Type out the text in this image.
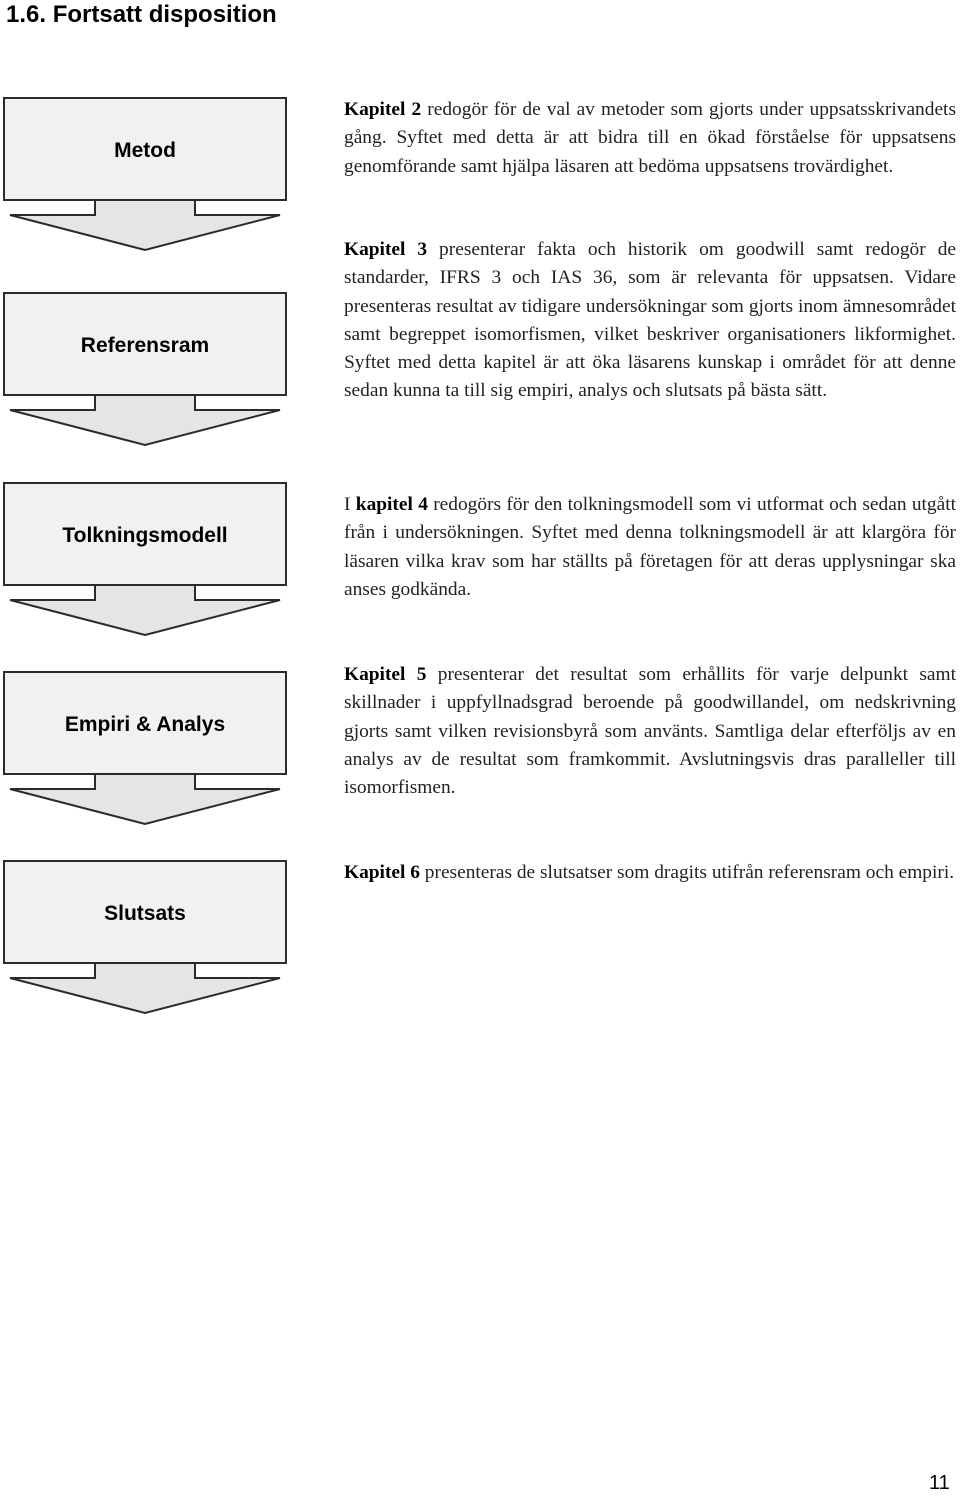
1.6. Fortsatt disposition
Metod
Referensram
Tolkningsmodell
Empiri & Analys
Slutsats

Kapitel 2 redogör för de val av metoder som gjorts under uppsatsskrivandets gång. Syftet med detta är att bidra till en ökad förståelse för uppsatsens genomförande samt hjälpa läsaren att bedöma uppsatsens trovärdighet.

Kapitel 3 presenterar fakta och historik om goodwill samt redogör de standarder, IFRS 3 och IAS 36, som är relevanta för uppsatsen. Vidare presenteras resultat av tidigare undersökningar som gjorts inom ämnesområdet samt begreppet isomorfismen, vilket beskriver organisationers likformighet. Syftet med detta kapitel är att öka läsarens kunskap i området för att denne sedan kunna ta till sig empiri, analys och slutsats på bästa sätt.

I kapitel 4 redogörs för den tolkningsmodell som vi utformat och sedan utgått från i undersökningen. Syftet med denna tolkningsmodell är att klargöra för läsaren vilka krav som har ställts på företagen för att deras upplysningar ska anses godkända.

Kapitel 5 presenterar det resultat som erhållits för varje delpunkt samt skillnader i uppfyllnadsgrad beroende på goodwillandel, om nedskrivning gjorts samt vilken revisionsbyrå som använts. Samtliga delar efterföljs av en analys av de resultat som framkommit. Avslutningsvis dras paralleller till isomorfismen.

Kapitel 6 presenteras de slutsatser som dragits utifrån referensram och empiri.

11
